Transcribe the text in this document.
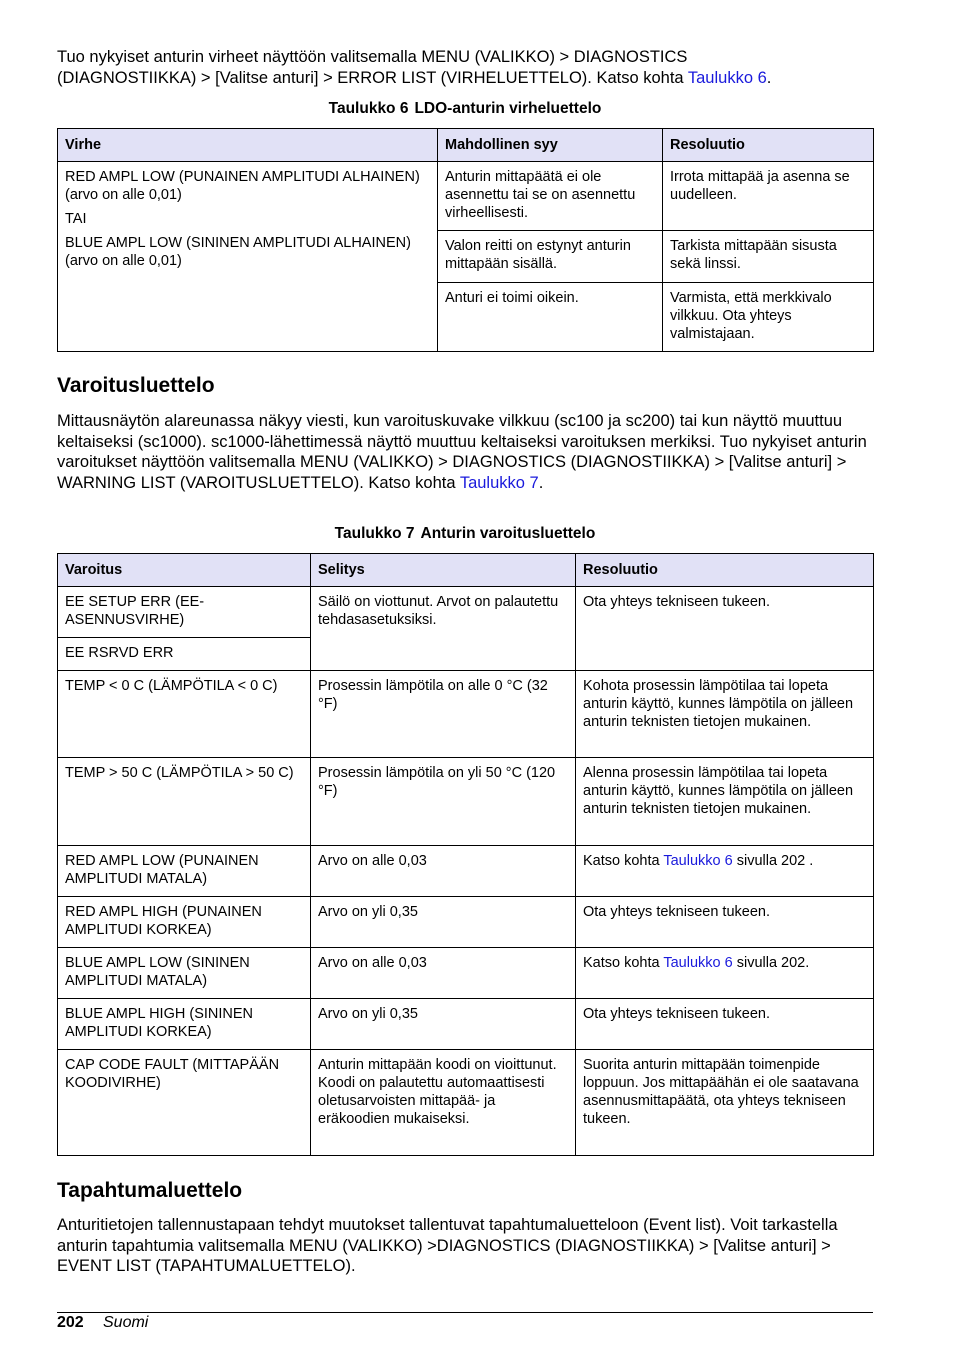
Tuo nykyiset anturin virheet näyttöön valitsemalla MENU (VALIKKO) > DIAGNOSTICS

(DIAGNOSTIIKKA) > [Valitse anturi] > ERROR LIST (VIRHELUETTELO). Katso kohta Taulukko 6.

Taulukko 6 LDO-anturin virheluettelo

Virhe	Mahdollinen syy	Resoluutio

RED AMPL LOW (PUNAINEN AMPLITUDI ALHAINEN) (arvo on alle 0,01)

TAI

BLUE AMPL LOW (SININEN AMPLITUDI ALHAINEN) (arvo on alle 0,01)	Anturin mittapäätä ei ole asennettu tai se on asennettu virheellisesti.	Irrota mittapää ja asenna se uudelleen.
	Valon reitti on estynyt anturin mittapään sisällä.	Tarkista mittapään sisusta sekä linssi.
	Anturi ei toimi oikein.	Varmista, että merkkivalo vilkkuu. Ota yhteys valmistajaan.
Varoitusluettelo

Mittausnäytön alareunassa näkyy viesti, kun varoituskuvake vilkkuu (sc100 ja sc200) tai kun näyttö muuttuu keltaiseksi (sc1000). sc1000-lähettimessä näyttö muuttuu keltaiseksi varoituksen merkiksi. Tuo nykyiset anturin varoitukset näyttöön valitsemalla MENU (VALIKKO) > DIAGNOSTICS (DIAGNOSTIIKKA) > [Valitse anturi] > WARNING LIST (VAROITUSLUETTELO). Katso kohta Taulukko 7.

Taulukko 7 Anturin varoitusluettelo

Varoitus	Selitys	Resoluutio
EE SETUP ERR (EE-ASENNUSVIRHE)	Säilö on viottunut. Arvot on palautettu tehdasasetuksiksi.	Ota yhteys tekniseen tukeen.
EE RSRVD ERR		
TEMP < 0 C (LÄMPÖTILA < 0 C)	Prosessin lämpötila on alle 0 °C (32 °F)	Kohota prosessin lämpötilaa tai lopeta anturin käyttö, kunnes lämpötila on jälleen anturin teknisten tietojen mukainen.
TEMP > 50 C (LÄMPÖTILA > 50 C)	Prosessin lämpötila on yli 50 °C (120 °F)	Alenna prosessin lämpötilaa tai lopeta anturin käyttö, kunnes lämpötila on jälleen anturin teknisten tietojen mukainen.
RED AMPL LOW (PUNAINEN AMPLITUDI MATALA)	Arvo on alle 0,03	Katso kohta Taulukko 6 sivulla 202 .
RED AMPL HIGH (PUNAINEN AMPLITUDI KORKEA)	Arvo on yli 0,35	Ota yhteys tekniseen tukeen.
BLUE AMPL LOW (SININEN AMPLITUDI MATALA)	Arvo on alle 0,03	Katso kohta Taulukko 6 sivulla 202.
BLUE AMPL HIGH (SININEN AMPLITUDI KORKEA)	Arvo on yli 0,35	Ota yhteys tekniseen tukeen.
CAP CODE FAULT (MITTAPÄÄN KOODIVIRHE)	Anturin mittapään koodi on vioittunut. Koodi on palautettu automaattisesti oletusarvoisten mittapää- ja eräkoodien mukaiseksi.	Suorita anturin mittapään toimenpide loppuun. Jos mittapäähän ei ole saatavana asennusmittapäätä, ota yhteys tekniseen tukeen.
Tapahtumaluettelo

Anturitietojen tallennustapaan tehdyt muutokset tallentuvat tapahtumaluetteloon (Event list). Voit tarkastella anturin tapahtumia valitsemalla MENU (VALIKKO) >DIAGNOSTICS (DIAGNOSTIIKKA) > [Valitse anturi] > EVENT LIST (TAPAHTUMALUETTELO).

202 Suomi
